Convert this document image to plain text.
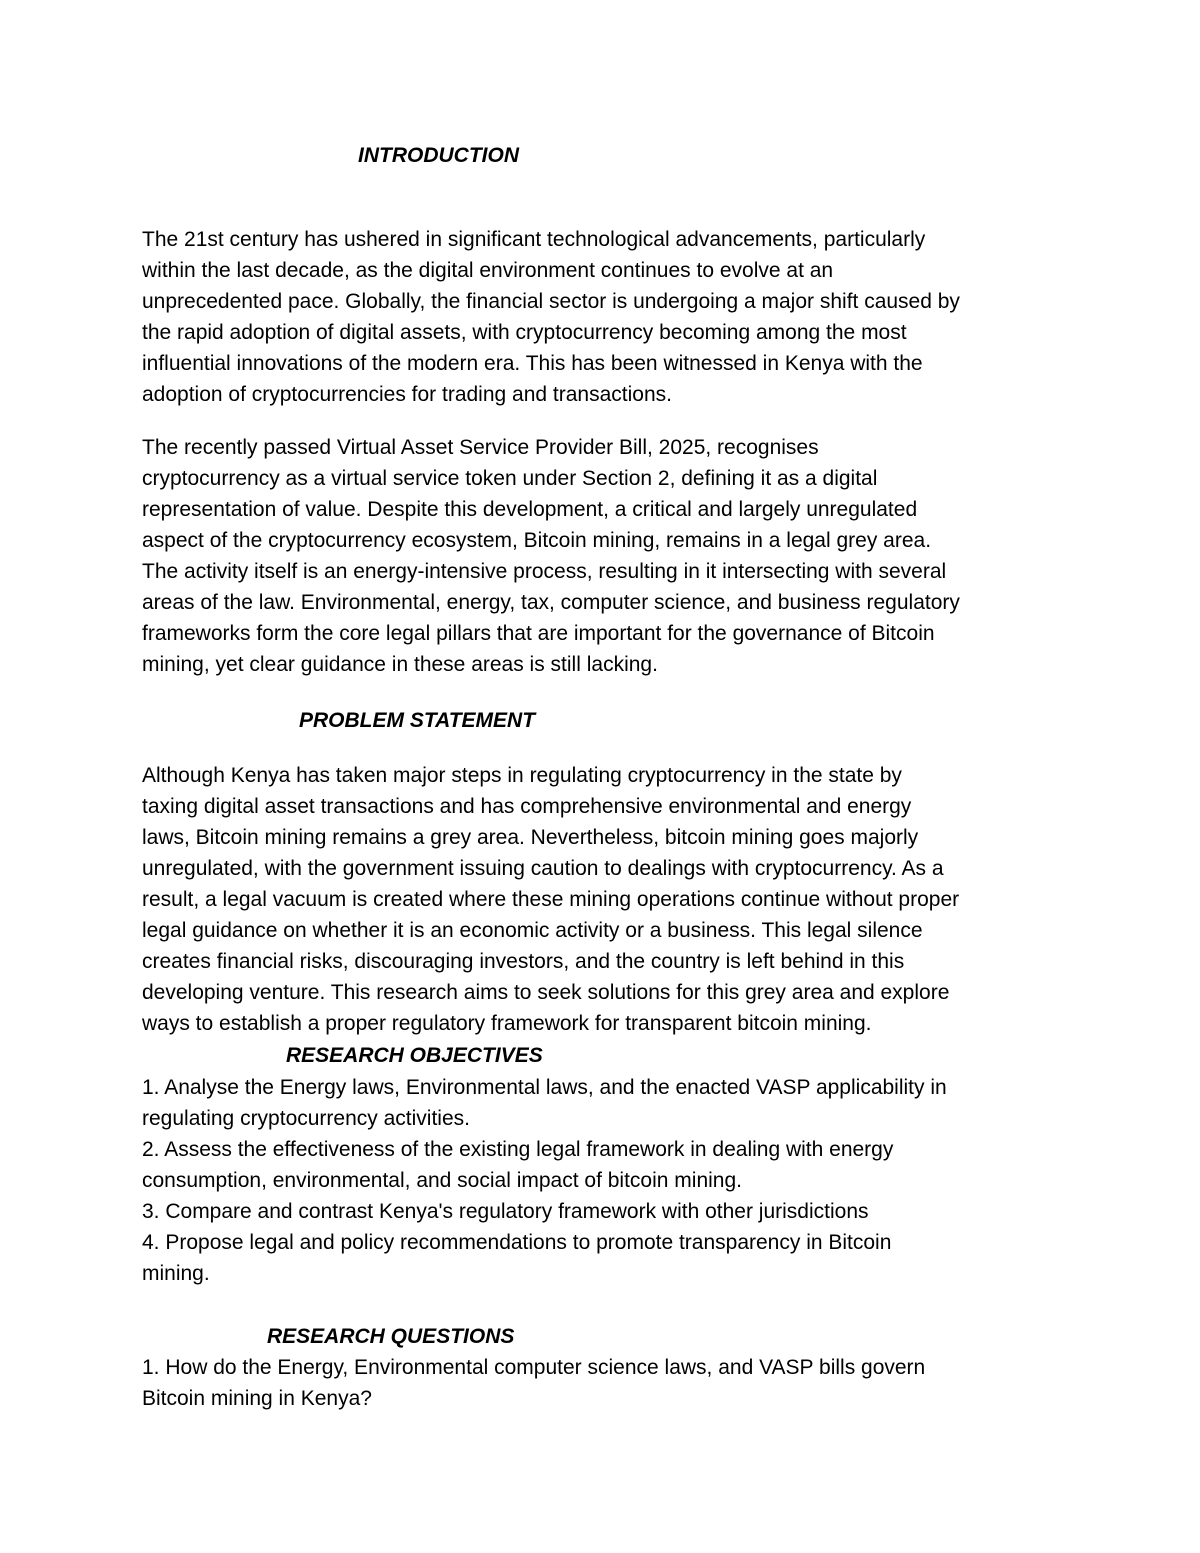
INTRODUCTION

The 21st century has ushered in significant technological advancements, particularly
within the last decade, as the digital environment continues to evolve at an
unprecedented pace. Globally, the financial sector is undergoing a major shift caused by
the rapid adoption of digital assets, with cryptocurrency becoming among the most
influential innovations of the modern era. This has been witnessed in Kenya with the
adoption of cryptocurrencies for trading and transactions.

The recently passed Virtual Asset Service Provider Bill, 2025, recognises
cryptocurrency as a virtual service token under Section 2, defining it as a digital
representation of value. Despite this development, a critical and largely unregulated
aspect of the cryptocurrency ecosystem, Bitcoin mining, remains in a legal grey area.
The activity itself is an energy-intensive process, resulting in it intersecting with several
areas of the law. Environmental, energy, tax, computer science, and business regulatory
frameworks form the core legal pillars that are important for the governance of Bitcoin
mining, yet clear guidance in these areas is still lacking.

PROBLEM STATEMENT

Although Kenya has taken major steps in regulating cryptocurrency in the state by
taxing digital asset transactions and has comprehensive environmental and energy
laws, Bitcoin mining remains a grey area. Nevertheless, bitcoin mining goes majorly
unregulated, with the government issuing caution to dealings with cryptocurrency. As a
result, a legal vacuum is created where these mining operations continue without proper
legal guidance on whether it is an economic activity or a business. This legal silence
creates financial risks, discouraging investors, and the country is left behind in this
developing venture. This research aims to seek solutions for this grey area and explore
ways to establish a proper regulatory framework for transparent bitcoin mining.

RESEARCH OBJECTIVES

1. Analyse the Energy laws, Environmental laws, and the enacted VASP applicability in
regulating cryptocurrency activities.
2. Assess the effectiveness of the existing legal framework in dealing with energy
consumption, environmental, and social impact of bitcoin mining.
3. Compare and contrast Kenya's regulatory framework with other jurisdictions
4. Propose legal and policy recommendations to promote transparency in Bitcoin
mining.

RESEARCH QUESTIONS

1. How do the Energy, Environmental computer science laws, and VASP bills govern
Bitcoin mining in Kenya?
